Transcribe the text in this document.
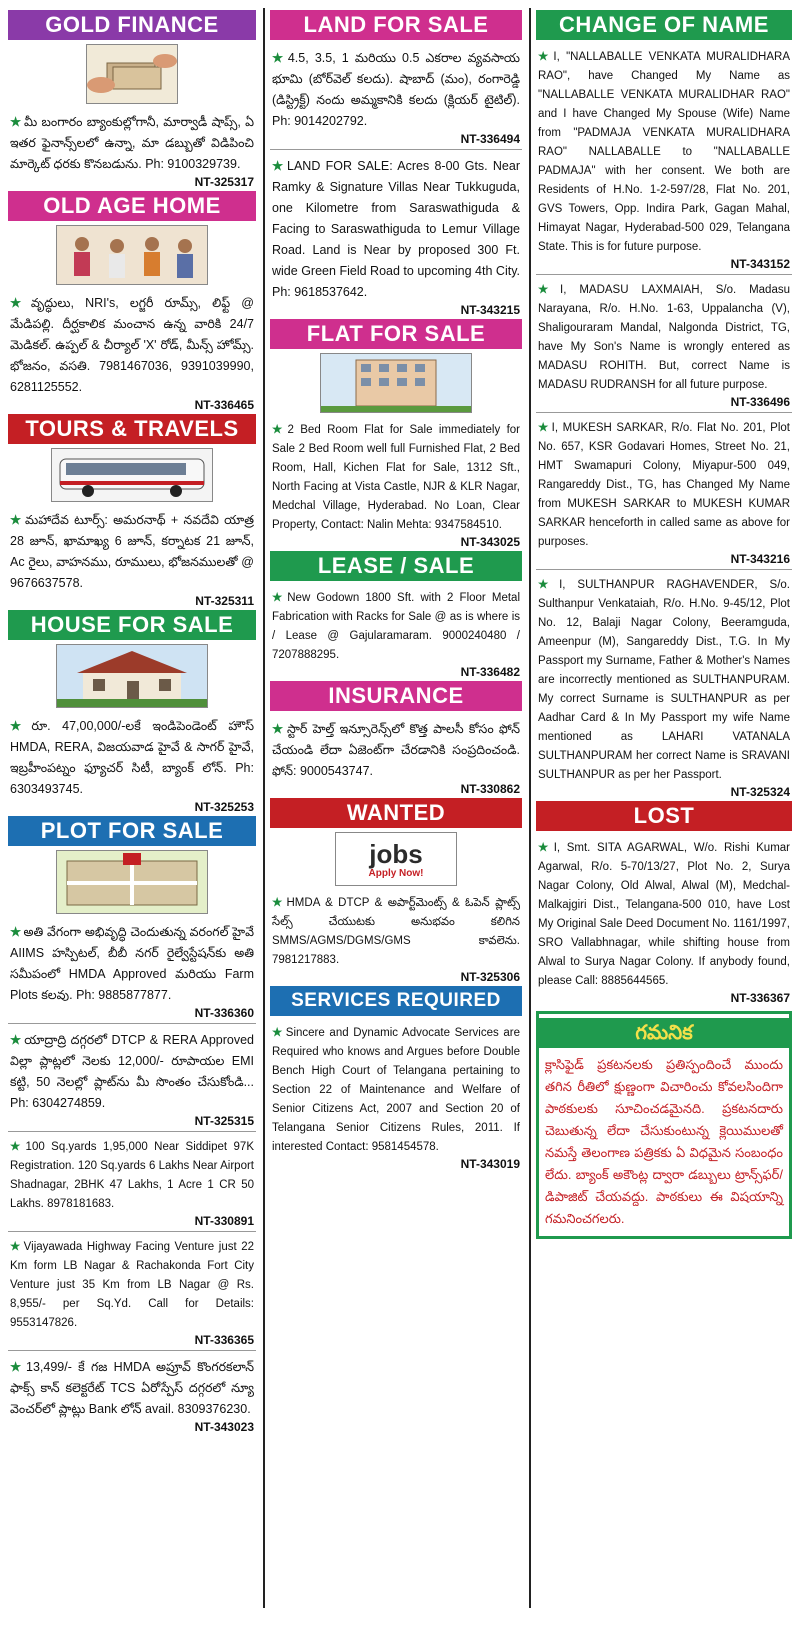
GOLD FINANCE
★ మీ బంగారం బ్యాంకుల్లోగానీ, మార్వాడీ షాప్స్, ఏ ఇతర ఫైనాన్స్‌లలో ఉన్నా, మా డబ్బుతో విడిపించి మార్కెట్ ధరకు కొనబడును. Ph: 9100329739.
NT-325317
OLD AGE HOME
★ వృద్ధులు, NRI's, లగ్జరీ రూమ్స్, లిఫ్ట్ @ మేడిపల్లి. దీర్ఘకాలిక మంచాన ఉన్న వారికి 24/7 మెడికల్. ఉప్పల్ & చీర్యాల్ 'X' రోడ్, మీన్స్ హోమ్స్. భోజనం, వసతి. 7981467036, 9391039990, 6281125552.
NT-336465
TOURS & TRAVELS
★ మహాదేవ టూర్స్: అమరనాథ్ + నవదేవి యాత్ర 28 జూన్, ఖామాఖ్య 6 జూన్, కర్నాటక 21 జూన్, Ac రైలు, వాహనము, రూములు, భోజనములతో @ 9676637578.
NT-325311
HOUSE FOR SALE
★ రూ. 47,00,000/-లకే ఇండిపెండెంట్ హౌస్ HMDA, RERA, విజయవాడ హైవే & సాగర్ హైవే, ఇబ్రహీంపట్నం ఫ్యూచర్ సిటీ, బ్యాంక్ లోన్. Ph: 6303493745.
NT-325253
PLOT FOR SALE
★ అతి వేగంగా అభివృద్ధి చెందుతున్న వరంగల్ హైవే AIIMS హస్పిటల్, బీబీ నగర్ రైల్వేస్టేషన్‌కు అతి సమీపంలో HMDA Approved మరియు Farm Plots కలవు. Ph: 9885877877.
NT-336360
★ యాద్రాద్రి దగ్గరలో DTCP & RERA Approved విల్లా ప్లాట్లలో నెలకు 12,000/- రూపాయల EMI కట్టి, 50 నెలల్లో ప్లాట్‌ను మీ సొంతం చేసుకోండి... Ph: 6304274859.
NT-325315
★ 100 Sq.yards 1,95,000 Near Siddipet 97K Registration. 120 Sq.yards 6 Lakhs Near Airport Shadnagar, 2BHK 47 Lakhs, 1 Acre 1 CR 50 Lakhs. 8978181683.
NT-330891
★ Vijayawada Highway Facing Venture just 22 Km form LB Nagar & Rachakonda Fort City Venture just 35 Km from LB Nagar @ Rs. 8,955/- per Sq.Yd. Call for Details: 9553147826.
NT-336365
★ 13,499/- కే గజ HMDA అప్రూవ్ కొంగరకలాన్ ఫాక్స్ కాన్ కలెక్టరేట్ TCS ఏరోస్పేస్ దగ్గరలో న్యూ వెంచర్‌లో ప్లాట్లు Bank లోన్ avail. 8309376230.
NT-343023
LAND FOR SALE
★ 4.5, 3.5, 1 మరియు 0.5 ఎకరాల వ్యవసాయ భూమి (బోర్‌వెల్ కలదు). షాబాద్ (మం), రంగారెడ్డి (డిస్ట్రిక్ట్) నందు అమ్మకానికి కలదు (క్లియర్ టైటిల్). Ph: 9014202792.
NT-336494
★ LAND FOR SALE: Acres 8-00 Gts. Near Ramky & Signature Villas Near Tukkuguda, one Kilometre from Saraswathiguda & Facing to Saraswathiguda to Lemur Village Road. Land is Near by proposed 300 Ft. wide Green Field Road to upcoming 4th City. Ph: 9618537642.
NT-343215
FLAT FOR SALE
★ 2 Bed Room Flat for Sale immediately for Sale 2 Bed Room well full Furnished Flat, 2 Bed Room, Hall, Kichen Flat for Sale, 1312 Sft., North Facing at Vista Castle, NJR & KLR Nagar, Medchal Village, Hyderabad. No Loan, Clear Property, Contact: Nalin Mehta: 9347584510.
NT-343025
LEASE / SALE
★ New Godown 1800 Sft. with 2 Floor Metal Fabrication with Racks for Sale @ as is where is / Lease @ Gajularamaram. 9000240480 / 7207888295.
NT-336482
INSURANCE
★ స్టార్ హెల్త్ ఇన్సూరెన్స్‌లో కొత్త పాలసీ కోసం ఫోన్ చేయండి లేదా ఏజెంట్‌గా చేరడానికి సంప్రదించండి. ఫోన్: 9000543747.
NT-330862
WANTED
jobs
Apply Now!
★ HMDA & DTCP & అపార్ట్‌మెంట్స్ & ఓపెన్ ప్లాట్స్ సేల్స్ చేయుటకు అనుభవం కలిగిన SMMS/AGMS/DGMS/GMS కావలెను. 7981217883.
NT-325306
SERVICES REQUIRED
★ Sincere and Dynamic Advocate Services are Required who knows and Argues before Double Bench High Court of Telangana pertaining to Section 22 of Maintenance and Welfare of Senior Citizens Act, 2007 and Section 20 of Telangana Senior Citizens Rules, 2011. If interested Contact: 9581454578.
NT-343019
CHANGE OF NAME
★ I, "NALLABALLE VENKATA MURALIDHARA RAO", have Changed My Name as "NALLABALLE VENKATA MURALIDHAR RAO" and I have Changed My Spouse (Wife) Name from "PADMAJA VENKATA MURALIDHARA RAO" NALLABALLE to "NALLABALLE PADMAJA" with her consent. We both are Residents of H.No. 1-2-597/28, Flat No. 201, GVS Towers, Opp. Indira Park, Gagan Mahal, Himayat Nagar, Hyderabad-500 029, Telangana State. This is for future purpose.
NT-343152
★ I, MADASU LAXMAIAH, S/o. Madasu Narayana, R/o. H.No. 1-63, Uppalancha (V), Shaligouraram Mandal, Nalgonda District, TG, have My Son's Name is wrongly entered as MADASU ROHITH. But, correct Name is MADASU RUDRANSH for all future purpose.
NT-336496
★ I, MUKESH SARKAR, R/o. Flat No. 201, Plot No. 657, KSR Godavari Homes, Street No. 21, HMT Swamapuri Colony, Miyapur-500 049, Rangareddy Dist., TG, has Changed My Name from MUKESH SARKAR to MUKESH KUMAR SARKAR henceforth in called same as above for purposes.
NT-343216
★ I, SULTHANPUR RAGHAVENDER, S/o. Sulthanpur Venkataiah, R/o. H.No. 9-45/12, Plot No. 12, Balaji Nagar Colony, Beeramguda, Ameenpur (M), Sangareddy Dist., T.G. In My Passport my Surname, Father & Mother's Names are incorrectly mentioned as SULTHANPURAM. My correct Surname is SULTHANPUR as per Aadhar Card & In My Passport my wife Name mentioned as LAHARI VATANALA SULTHANPURAM her correct Name is SRAVANI SULTHANPUR as per her Passport.
NT-325324
LOST
★ I, Smt. SITA AGARWAL, W/o. Rishi Kumar Agarwal, R/o. 5-70/13/27, Plot No. 2, Surya Nagar Colony, Old Alwal, Alwal (M), Medchal-Malkajgiri Dist., Telangana-500 010, have Lost My Original Sale Deed Document No. 1161/1997, SRO Vallabhnagar, while shifting house from Alwal to Surya Nagar Colony. If anybody found, please Call: 8885644565.
NT-336367
గమనిక
క్లాసిఫైడ్ ప్రకటనలకు ప్రతిస్పందించే ముందు తగిన రీతిలో క్షుణ్ణంగా విచారించు కోవలసిందిగా పాఠకులకు సూచించడమైనది. ప్రకటనదారు చెబుతున్న లేదా చేసుకుంటున్న క్లెయిములతో నమస్తే తెలంగాణ పత్రికకు ఏ విధమైన సంబంధం లేదు. బ్యాంక్ అకౌంట్ల ద్వారా డబ్బులు ట్రాన్స్‌ఫర్/డిపాజిట్ చేయవద్దు. పాఠకులు ఈ విషయాన్ని గమనించగలరు.
